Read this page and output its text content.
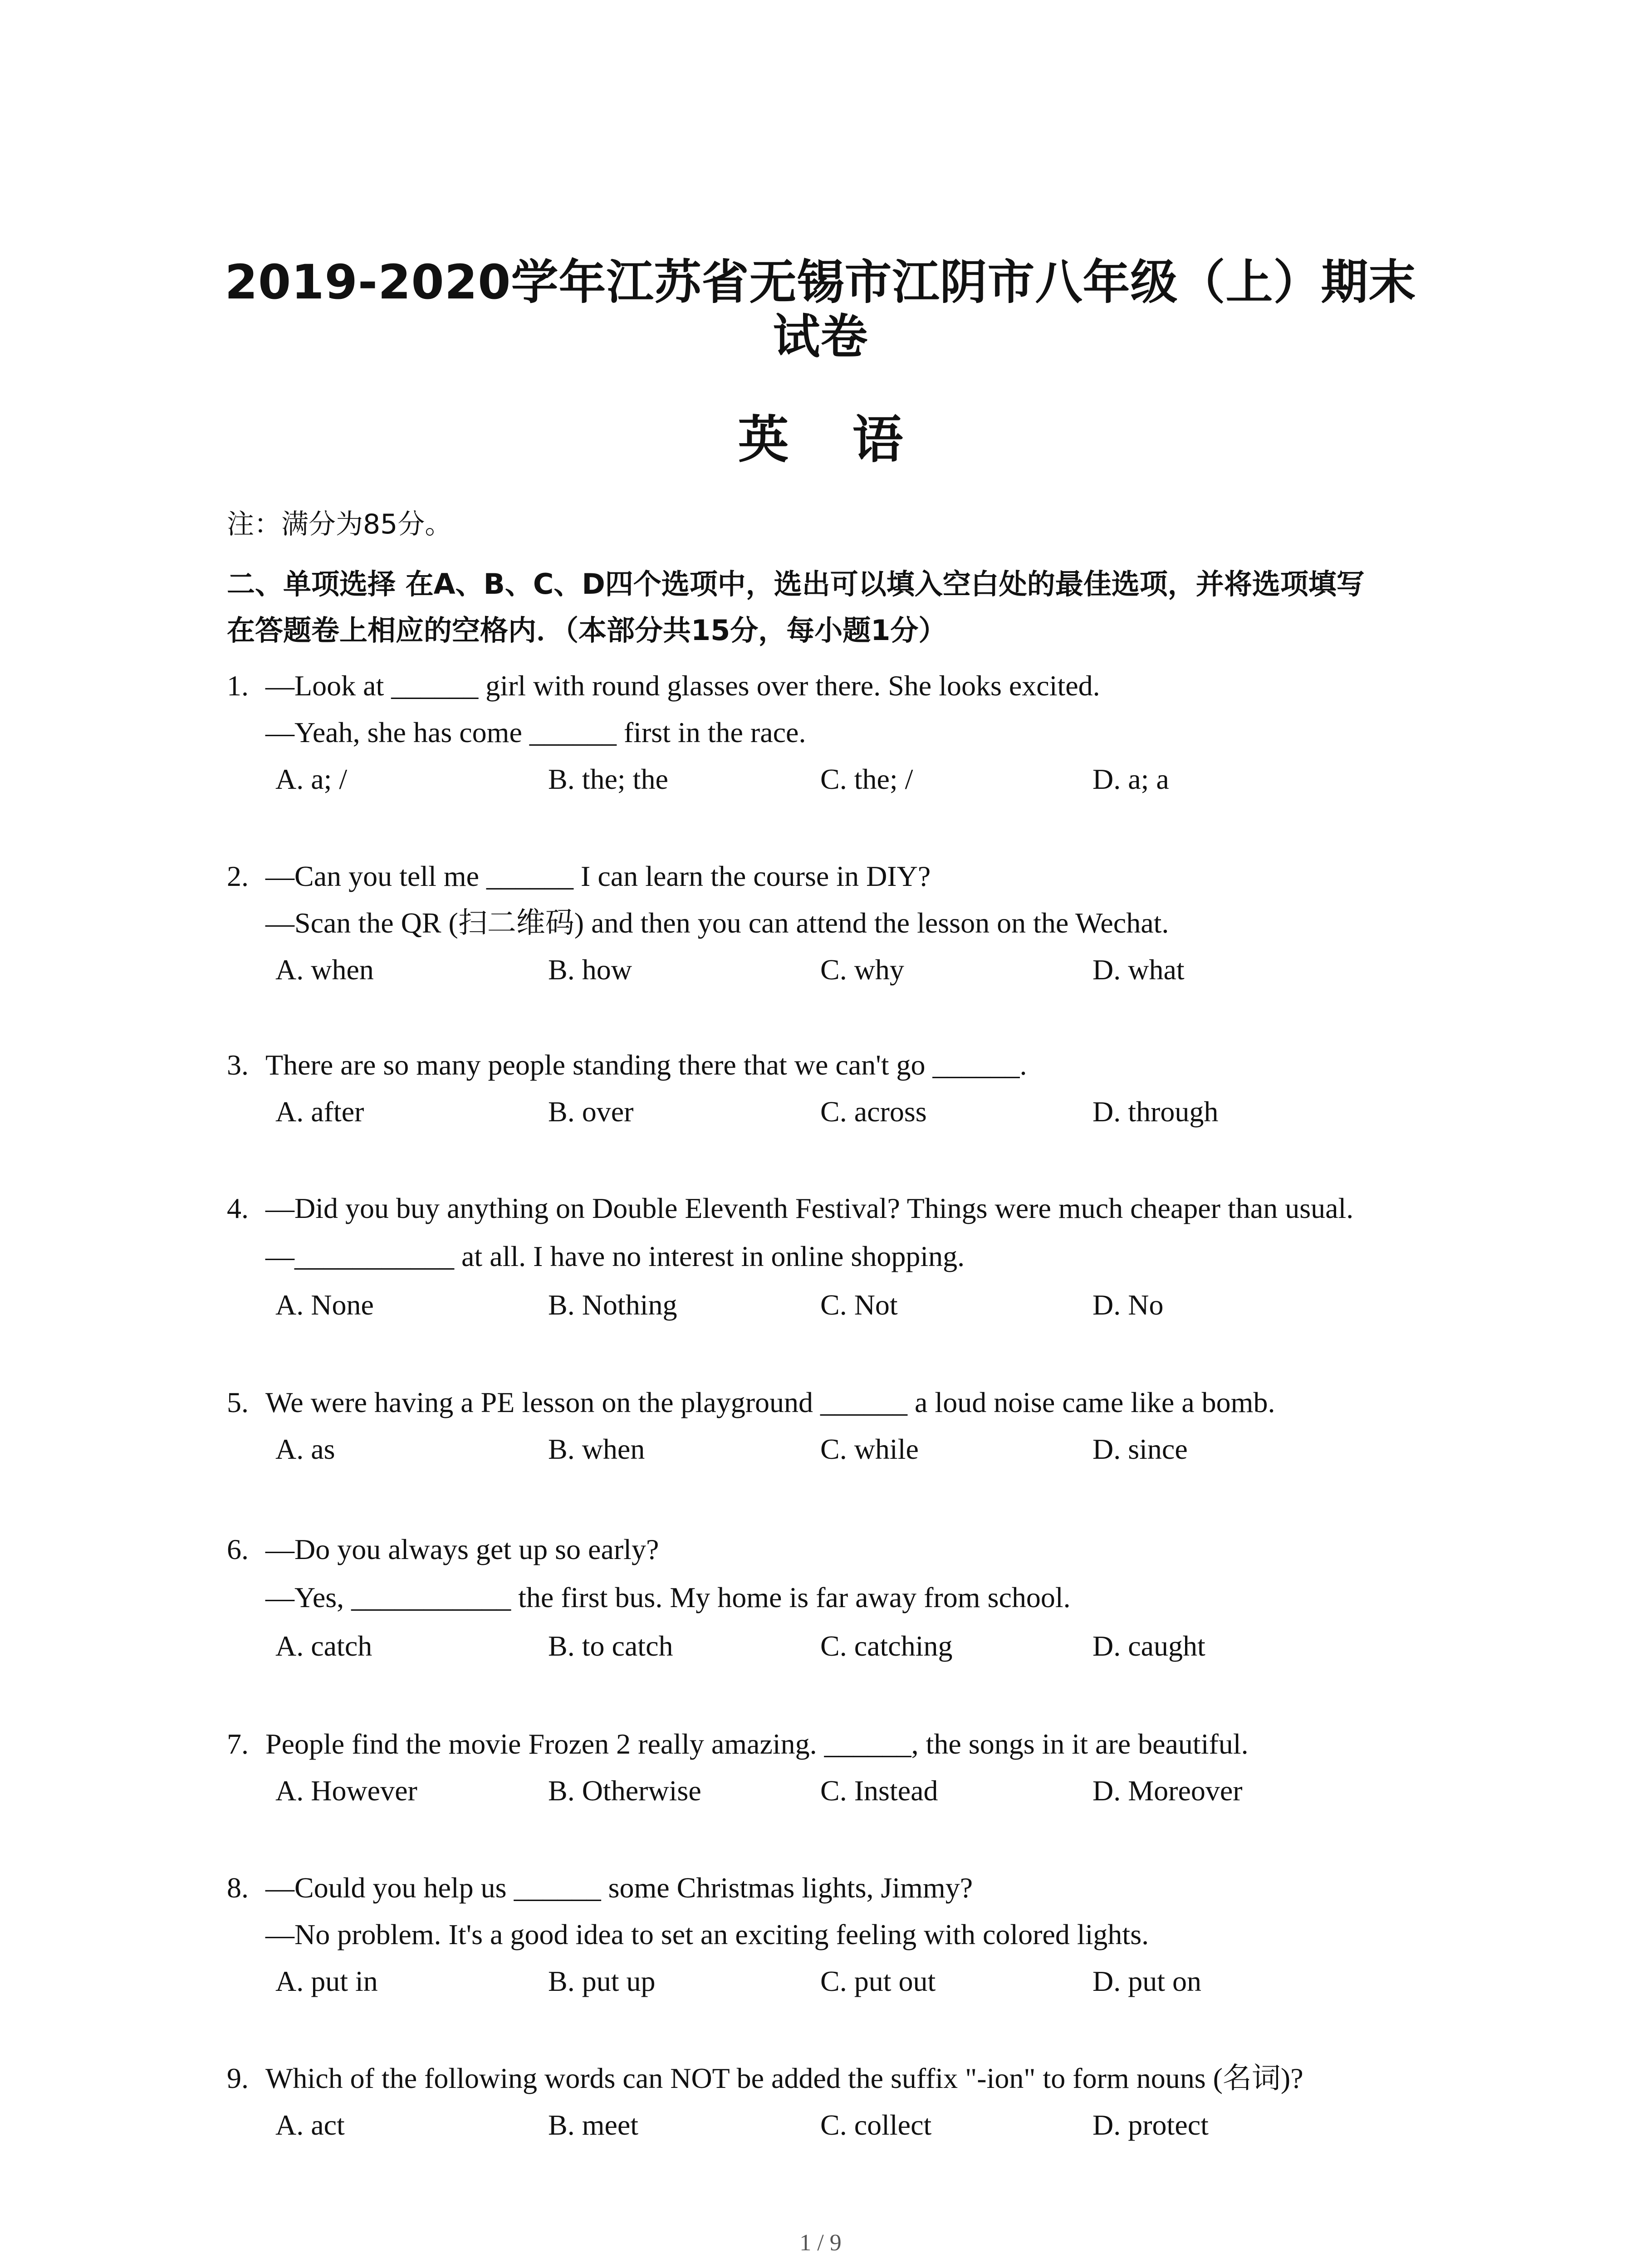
2019-2020学年江苏省无锡市江阴市八年级（上）期末
试卷
英语
注：满分为85分。
二、单项选择 在A、B、C、D四个选项中，选出可以填入空白处的最佳选项，并将选项填写
在答题卷上相应的空格内．（本部分共15分，每小题1分）
1. —Look at ______ girl with round glasses over there. She looks excited.
—Yeah, she has come ______ first in the race.
A. a; /	B. the; the	C. the; /	D. a; a
2. —Can you tell me ______ I can learn the course in DIY?
—Scan the QR (扫二维码) and then you can attend the lesson on the Wechat.
A. when	B. how	C. why	D. what
3. There are so many people standing there that we can't go ______.
A. after	B. over	C. across	D. through
4. —Did you buy anything on Double Eleventh Festival? Things were much cheaper than usual.
—___________ at all. I have no interest in online shopping.
A. None	B. Nothing	C. Not	D. No
5. We were having a PE lesson on the playground ______ a loud noise came like a bomb.
A. as	B. when	C. while	D. since
6. —Do you always get up so early?
—Yes, ___________ the first bus. My home is far away from school.
A. catch	B. to catch	C. catching	D. caught
7. People find the movie Frozen 2 really amazing. ______, the songs in it are beautiful.
A. However	B. Otherwise	C. Instead	D. Moreover
8. —Could you help us ______ some Christmas lights, Jimmy?
—No problem. It's a good idea to set an exciting feeling with colored lights.
A. put in	B. put up	C. put out	D. put on
9. Which of the following words can NOT be added the suffix "-ion" to form nouns (名词)?
A. act	B. meet	C. collect	D. protect
1 / 9
